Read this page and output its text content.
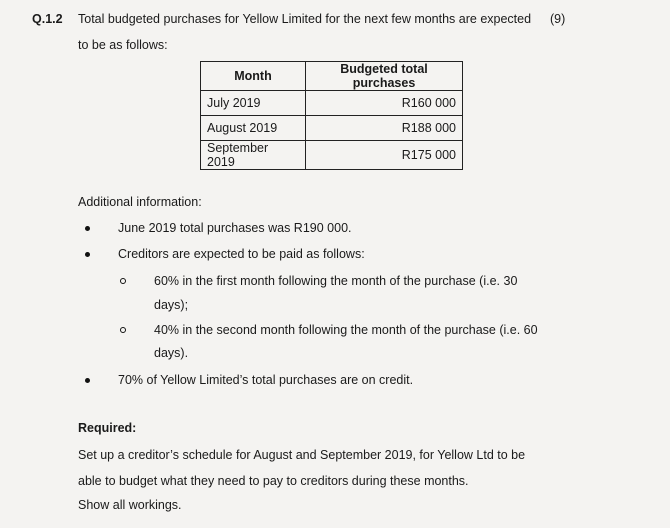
Q.1.2 Total budgeted purchases for Yellow Limited for the next few months are expected (9)
to be as follows:
Month	Budgeted total purchases
July 2019	R160 000
August 2019	R188 000
September 2019	R175 000
Additional information:
June 2019 total purchases was R190 000.
Creditors are expected to be paid as follows:
60% in the first month following the month of the purchase (i.e. 30
days);
40% in the second month following the month of the purchase (i.e. 60
days).
70% of Yellow Limited’s total purchases are on credit.
Required:
Set up a creditor’s schedule for August and September 2019, for Yellow Ltd to be
able to budget what they need to pay to creditors during these months.
Show all workings.
